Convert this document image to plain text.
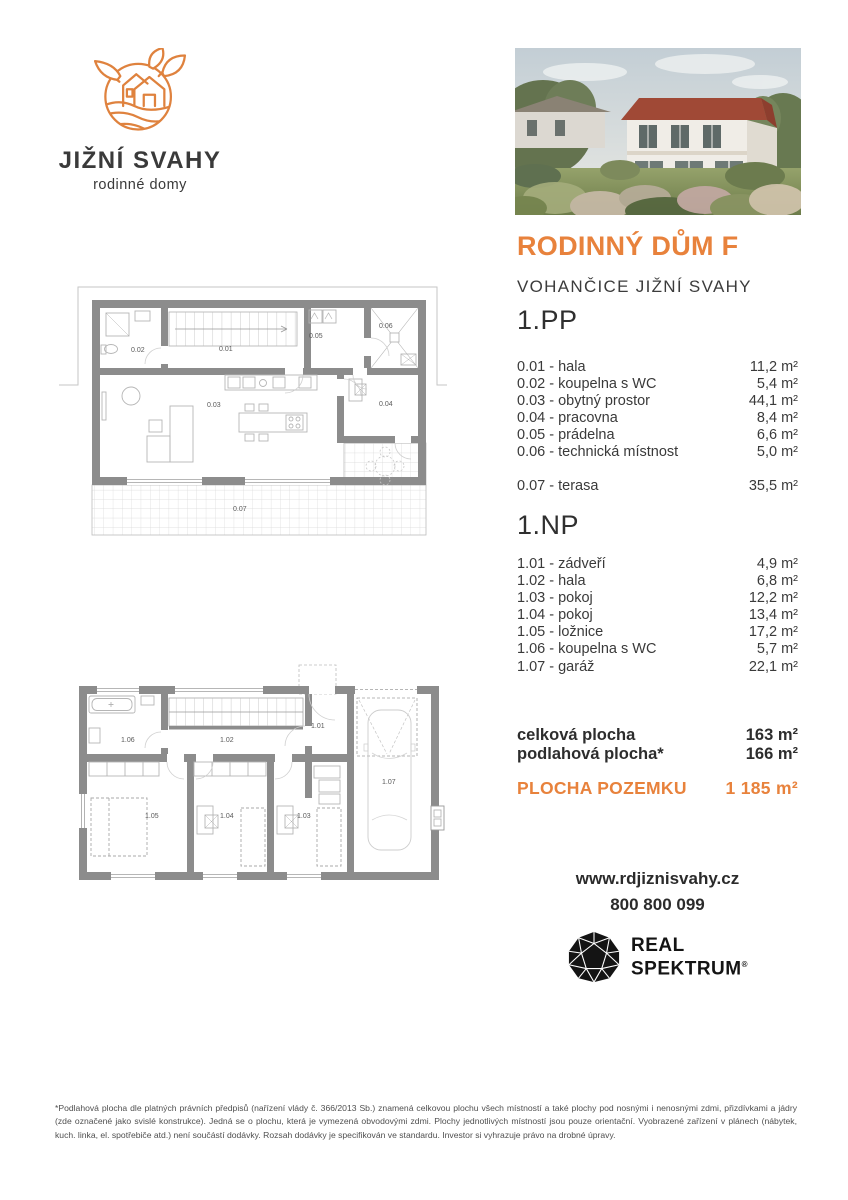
JIŽNÍ SVAHY
rodinné domy
RODINNÝ DŮM F
VOHANČICE JIŽNÍ SVAHY
1.PP
0.01 - hala	11,2 m²
0.02 - koupelna s WC	5,4 m²
0.03 - obytný prostor	44,1 m²
0.04 - pracovna	8,4 m²
0.05 - prádelna	6,6 m²
0.06 - technická místnost	5,0 m²
0.07 - terasa	35,5 m²
1.NP
1.01 - zádveří	4,9 m²
1.02 - hala	6,8 m²
1.03 - pokoj	12,2 m²
1.04 - pokoj	13,4 m²
1.05 - ložnice	17,2 m²
1.06 - koupelna s WC	5,7 m²
1.07 - garáž	22,1 m²
celková plocha	163 m²
podlahová plocha*	166 m²
PLOCHA POZEMKU 1 185 m²
www.rdjiznisvahy.cz
800 800 099
REAL
SPEKTRUM®
0.01
0.02
0.03	0.04
0.05
0.06
0.07
1.01
1.02
1.03
1.04
1.05
1.06
1.07
*Podlahová plocha dle platných právních předpisů (nařízení vlády č. 366/2013 Sb.) znamená celkovou plochu všech místností a také plochy pod nosnými i nenosnými zdmi, přizdívkami a jádry (zde označené jako svislé konstrukce). Jedná se o plochu, která je vymezená obvodovými zdmi. Plochy jednotlivých místností jsou pouze orientační. Vyobrazené zařízení v plánech (nábytek, kuch. linka, el. spotřebiče atd.) není součástí dodávky. Rozsah dodávky je specifikován ve standardu. Investor si vyhrazuje právo na drobné úpravy.
